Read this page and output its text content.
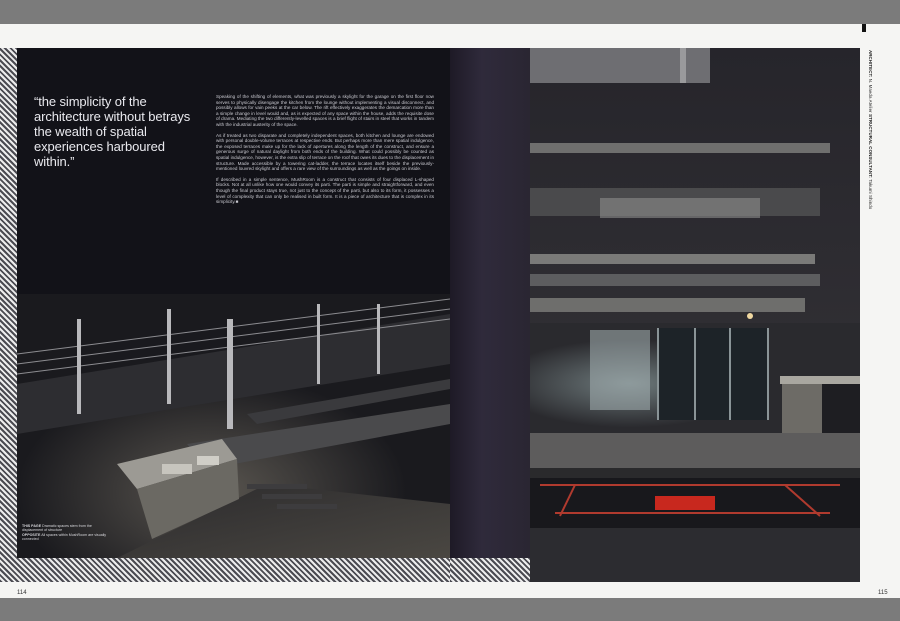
“the simplicity of the architecture without betrays the wealth of spatial experiences harboured within.”

Speaking of the shifting of elements, what was previously a skylight for the garage on the first floor now serves to physically disengage the kitchen from the lounge without implementing a visual disconnect, and possibly allows for vain peeks at the car below. The rift effectively exaggerates the demarcation more than a simple change in level would and, as is expected of any space within the house, adds the requisite dose of drama. Mediating the two differently-levelled spaces is a brief flight of stairs in steel that works in tandem with the industrial austerity of the space.

As if treated as two disparate and completely independent spaces, both kitchen and lounge are endowed with personal double-volume terraces at respective ends. But perhaps more than mere spatial indulgence, the exposed terraces make up for the lack of apertures along the length of the construct, and ensure a generous surge of natural daylight from both ends of the building. What could possibly be counted as spatial indulgence, however, is the extra slip of terrace on the roof that owes its dues to the displacement in structure. Made accessible by a towering cat-ladder, the terrace locates itself beside the previously-mentioned louvred skylight and offers a rare view of the surroundings as well as the goings on inside.

If described in a simple sentence, MushRoom is a construct that consists of four displaced L-shaped blocks. Not at all unlike how one would convey its parti. The parti is simple and straightforward, and even though the final product stays true, not just to the concept of the parti, but also to its form, it possesses a level of complexity that can only be realised in built form. It is a piece of architecture that is complex in its simplicity.■

THIS PAGE Dramatic spaces stem from the displacement of structure
OPPOSITE All spaces within MushRoom are visually connected
114
ARCHITECT: N. Maeda Atelier STRUCTURAL CONSULTANT: Takumi Shindo
115
